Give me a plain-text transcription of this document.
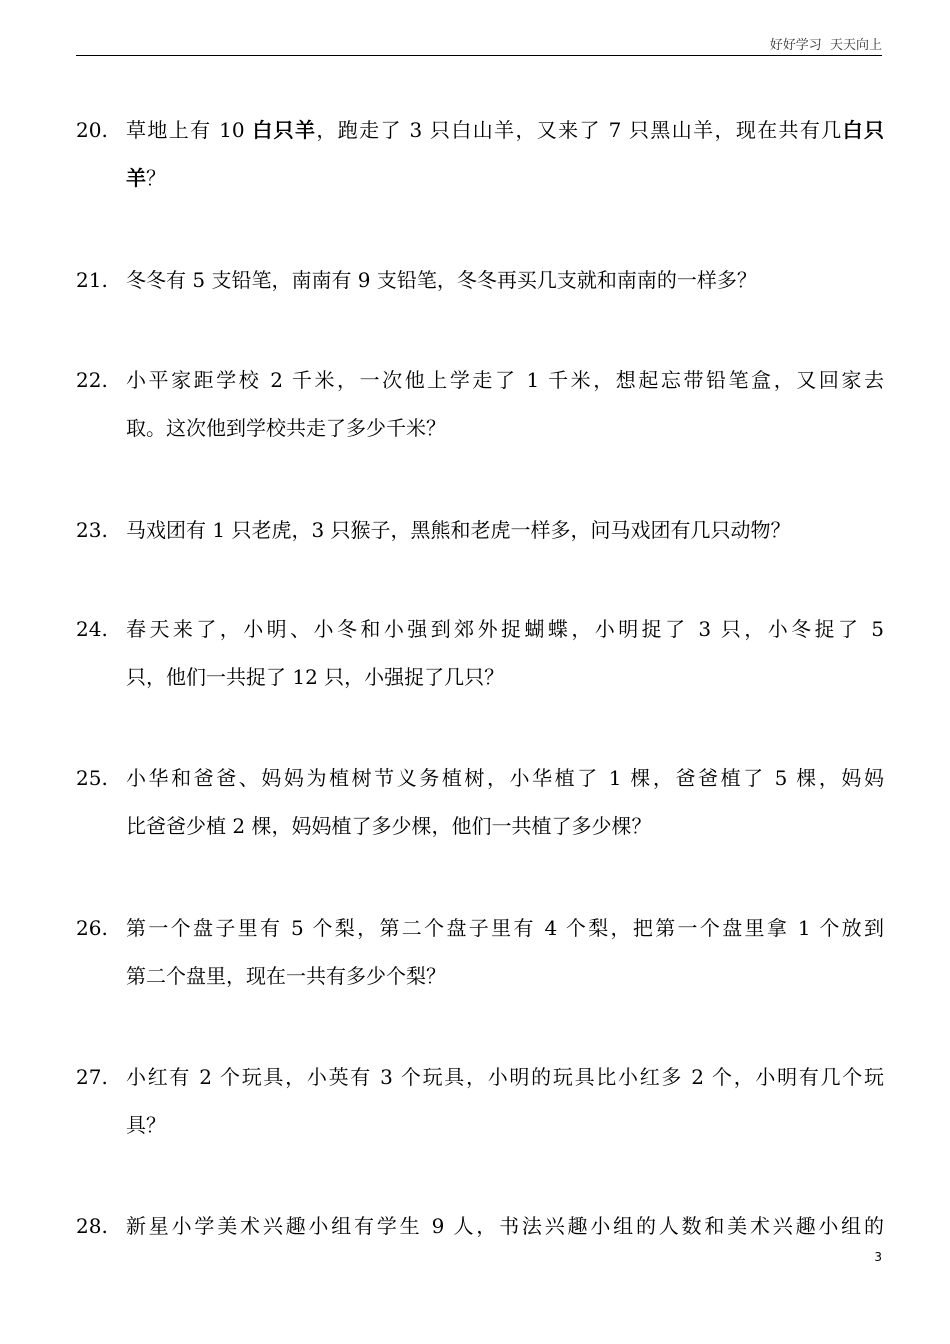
好好学习  天天向上
20. 草地上有 10 白只羊，跑走了 3 只白山羊，又来了 7 只黑山羊，现在共有几白只
羊？
21. 冬冬有 5 支铅笔，南南有 9 支铅笔，冬冬再买几支就和南南的一样多？
22. 小平家距学校 2 千米，一次他上学走了 1 千米，想起忘带铅笔盒，又回家去
取。这次他到学校共走了多少千米？
23. 马戏团有 1 只老虎，3 只猴子，黑熊和老虎一样多，问马戏团有几只动物？
24. 春天来了，小明、小冬和小强到郊外捉蝴蝶，小明捉了 3 只，小冬捉了 5
只，他们一共捉了 12 只，小强捉了几只？
25. 小华和爸爸、妈妈为植树节义务植树，小华植了 1 棵，爸爸植了 5 棵，妈妈
比爸爸少植 2 棵，妈妈植了多少棵，他们一共植了多少棵？
26. 第一个盘子里有 5 个梨，第二个盘子里有 4 个梨，把第一个盘里拿 1 个放到
第二个盘里，现在一共有多少个梨？
27. 小红有 2 个玩具，小英有 3 个玩具，小明的玩具比小红多 2 个，小明有几个玩
具？
28. 新星小学美术兴趣小组有学生 9 人，书法兴趣小组的人数和美术兴趣小组的
3
